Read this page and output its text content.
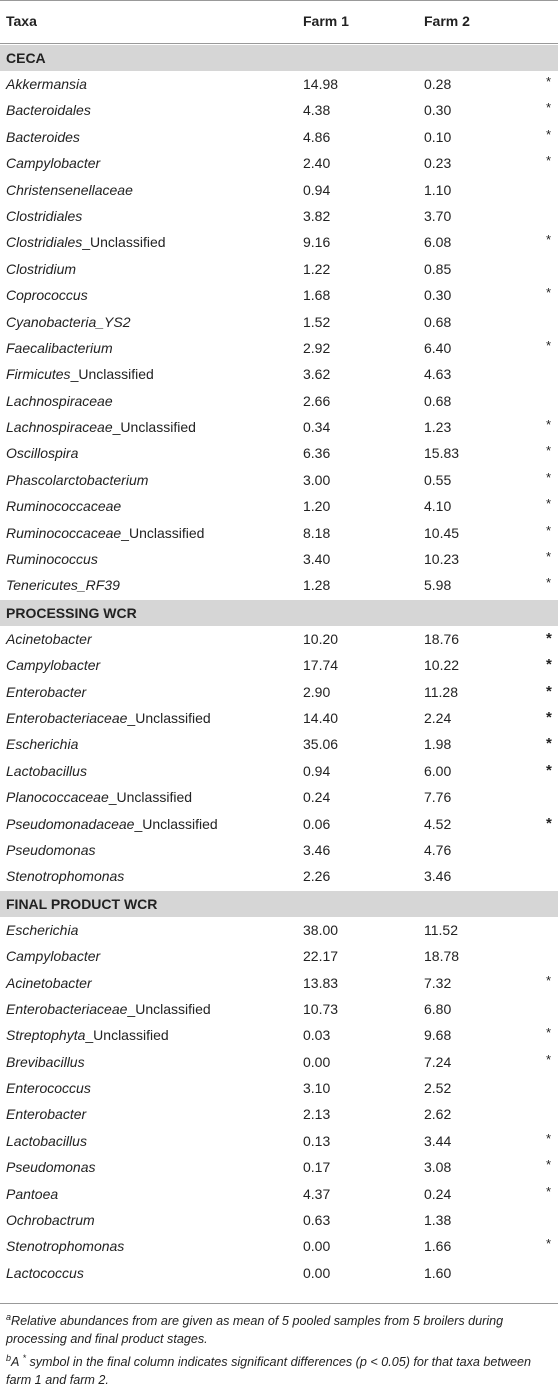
Taxa	Farm 1	Farm 2
CECA
Akkermansia	14.98	0.28	*
Bacteroidales	4.38	0.30	*
Bacteroides	4.86	0.10	*
Campylobacter	2.40	0.23	*
Christensenellaceae	0.94	1.10
Clostridiales	3.82	3.70
Clostridiales_Unclassified	9.16	6.08	*
Clostridium	1.22	0.85
Coprococcus	1.68	0.30	*
Cyanobacteria_YS2	1.52	0.68
Faecalibacterium	2.92	6.40	*
Firmicutes_Unclassified	3.62	4.63
Lachnospiraceae	2.66	0.68
Lachnospiraceae_Unclassified	0.34	1.23	*
Oscillospira	6.36	15.83	*
Phascolarctobacterium	3.00	0.55	*
Ruminococcaceae	1.20	4.10	*
Ruminococcaceae_Unclassified	8.18	10.45	*
Ruminococcus	3.40	10.23	*
Tenericutes_RF39	1.28	5.98	*
PROCESSING WCR
Acinetobacter	10.20	18.76	*
Campylobacter	17.74	10.22	*
Enterobacter	2.90	11.28	*
Enterobacteriaceae_Unclassified	14.40	2.24	*
Escherichia	35.06	1.98	*
Lactobacillus	0.94	6.00	*
Planococcaceae_Unclassified	0.24	7.76
Pseudomonadaceae_Unclassified	0.06	4.52	*
Pseudomonas	3.46	4.76
Stenotrophomonas	2.26	3.46
FINAL PRODUCT WCR
Escherichia	38.00	11.52
Campylobacter	22.17	18.78
Acinetobacter	13.83	7.32	*
Enterobacteriaceae_Unclassified	10.73	6.80
Streptophyta_Unclassified	0.03	9.68	*
Brevibacillus	0.00	7.24	*
Enterococcus	3.10	2.52
Enterobacter	2.13	2.62
Lactobacillus	0.13	3.44	*
Pseudomonas	0.17	3.08	*
Pantoea	4.37	0.24	*
Ochrobactrum	0.63	1.38
Stenotrophomonas	0.00	1.66	*
Lactococcus	0.00	1.60

$^a$Relative abundances from are given as mean of 5 pooled samples from 5 broilers during processing and final product stages.

$^b$A * symbol in the final column indicates significant differences (p < 0.05) for that taxa between farm 1 and farm 2.
